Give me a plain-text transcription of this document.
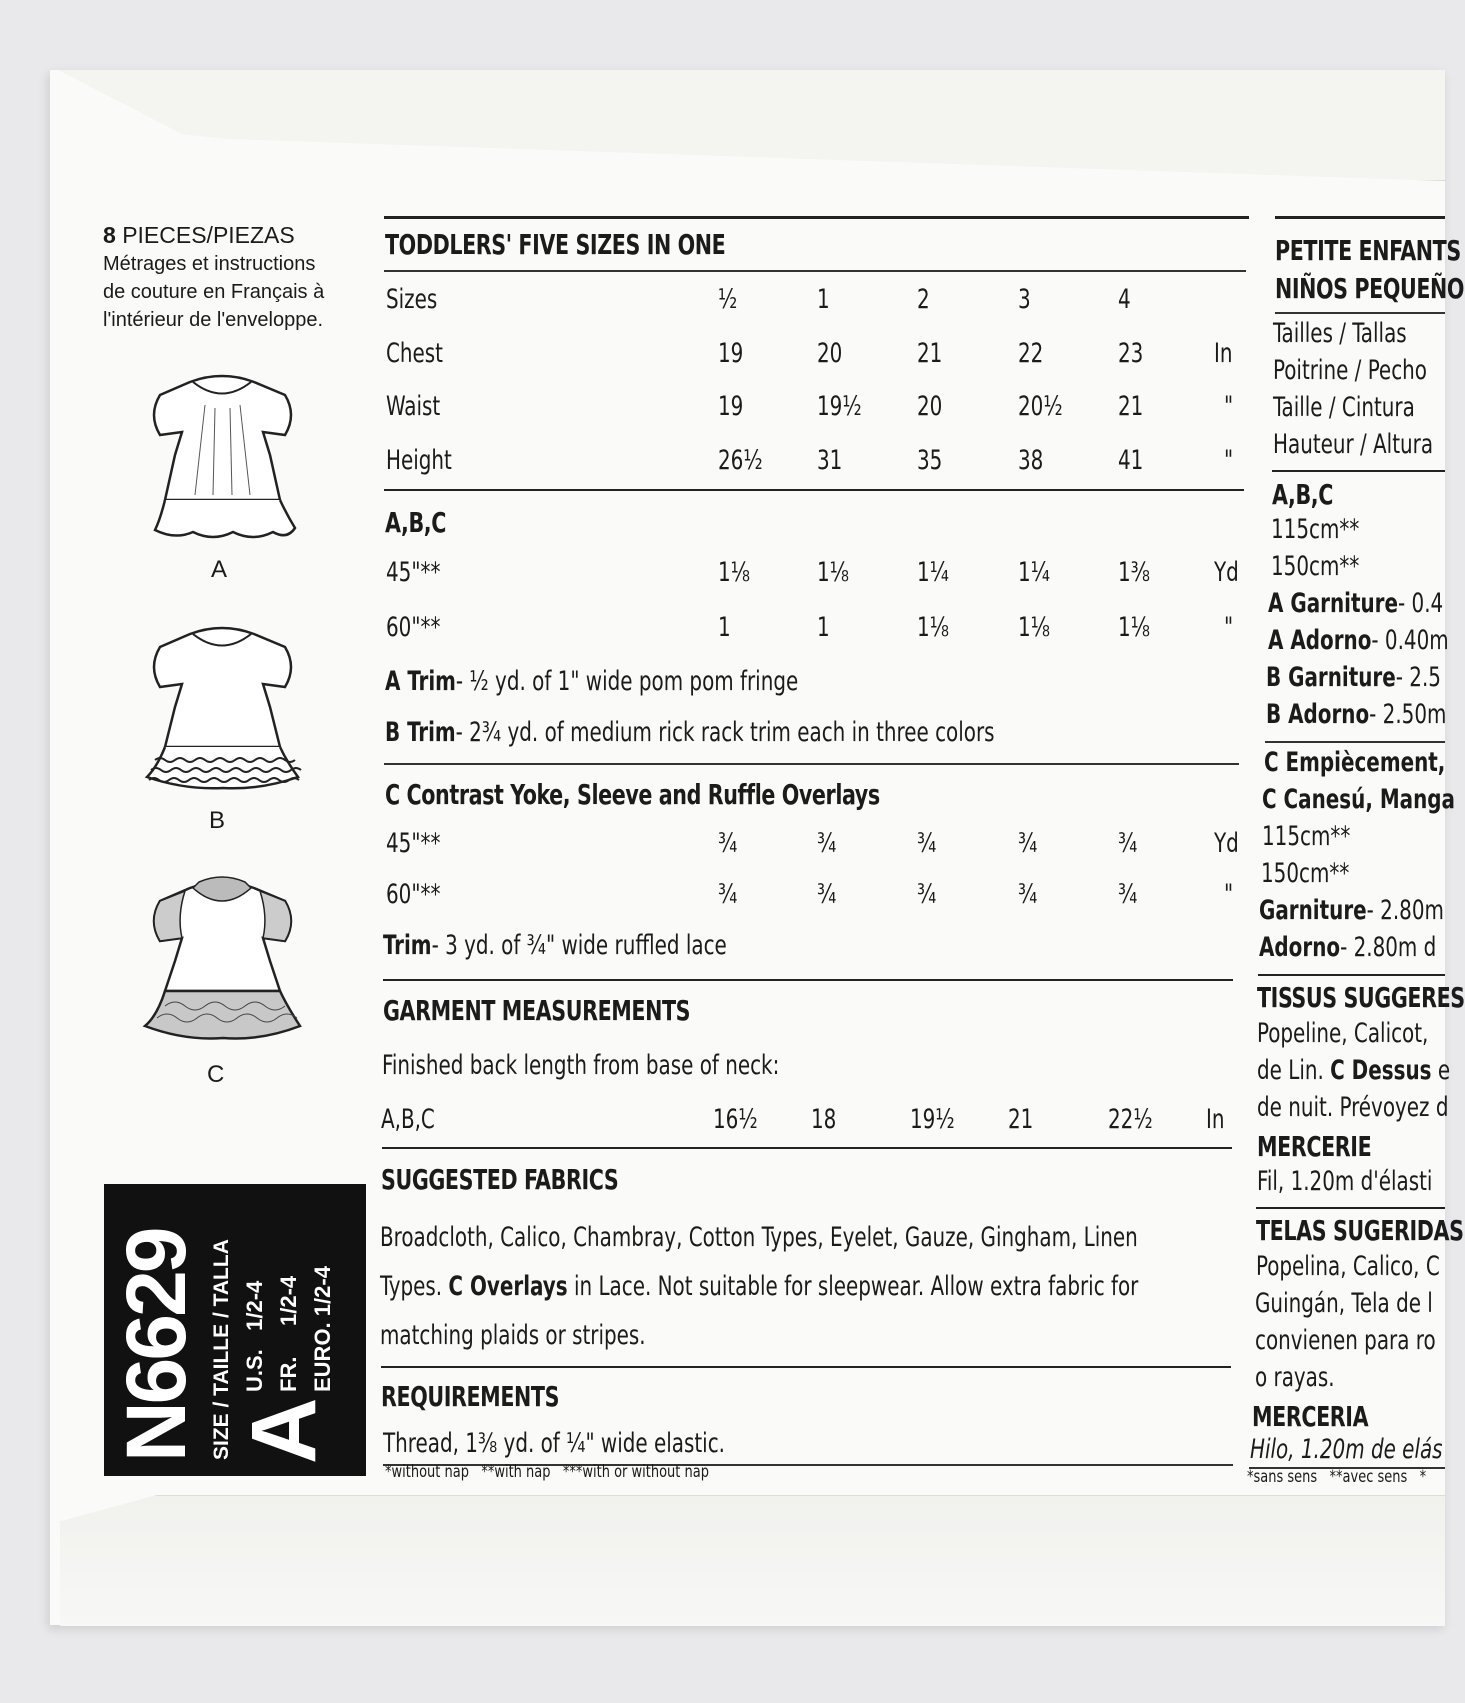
8 PIECES/PIEZAS
Métrages et instructions
de couture en Français à
l'intérieur de l'enveloppe.
A
B
C
N6629 SIZE / TAILLE / TALLA A
U.S.   1/2-4
FR.     1/2-4
EURO. 1/2-4
TODDLERS' FIVE SIZES IN ONE
Sizes	½	1	2	3	4
Chest	19	20	21	22	23	In
Waist	19	19½ 20	20½ 21	"
Height	26½ 31	35	38	41	"
A,B,C
45"**	1⅛ 1⅛	1¼	1¼	1⅜ Yd
60"**	1	1	1⅛	1⅛	1⅛	"
A Trim- ½ yd. of 1" wide pom pom fringe
B Trim- 2¾ yd. of medium rick rack trim each in three colors
C Contrast Yoke, Sleeve and Ruffle Overlays
45"**	¾	¾	¾	¾	¾	Yd
60"**	¾	¾	¾	¾	¾	"
Trim- 3 yd. of ¾" wide ruffled lace
GARMENT MEASUREMENTS
Finished back length from base of neck:
A,B,C	16½ 18	19½ 21	22½ In
SUGGESTED FABRICS
Broadcloth, Calico, Chambray, Cotton Types, Eyelet, Gauze, Gingham, Linen
Types. C Overlays in Lace. Not suitable for sleepwear. Allow extra fabric for
matching plaids or stripes.
REQUIREMENTS
Thread, 1⅜ yd. of ¼" wide elastic.
*without nap   **with nap   ***with or without nap
PETITE ENFANTS
NIÑOS PEQUEÑO
Tailles / Tallas
Poitrine / Pecho
Taille / Cintura
Hauteur / Altura
A,B,C
115cm**
150cm**
A Garniture- 0.4
A Adorno- 0.40m
B Garniture- 2.5
B Adorno- 2.50m
C Empiècement,
C Canesú, Manga
115cm**
150cm**
Garniture- 2.80m
Adorno- 2.80m d
TISSUS SUGGERES
Popeline, Calicot,
de Lin. C Dessus e
de nuit. Prévoyez d
MERCERIE
Fil, 1.20m d'élasti
TELAS SUGERIDAS
Popelina, Calico, C
Guingán, Tela de l
convienen para ro
o rayas.
MERCERIA
Hilo, 1.20m de elás
*sans sens   **avec sens   *
